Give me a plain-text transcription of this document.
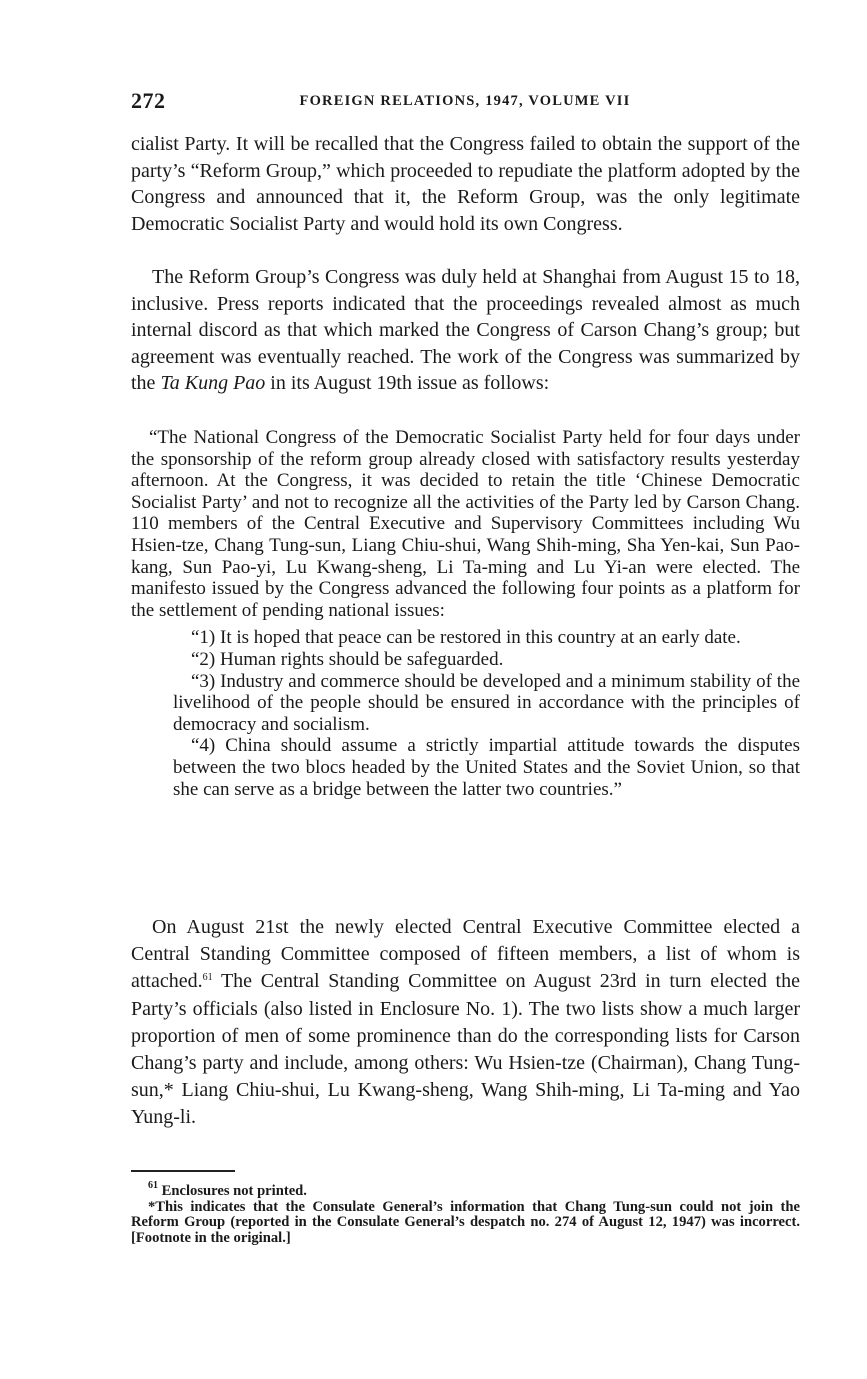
272	FOREIGN RELATIONS, 1947, VOLUME VII

cialist Party. It will be recalled that the Congress failed to obtain the support of the party’s “Reform Group,” which proceeded to repudiate the platform adopted by the Congress and announced that it, the Reform Group, was the only legitimate Democratic Socialist Party and would hold its own Congress.

The Reform Group’s Congress was duly held at Shanghai from August 15 to 18, inclusive. Press reports indicated that the proceedings revealed almost as much internal discord as that which marked the Congress of Carson Chang’s group; but agreement was eventually reached. The work of the Congress was summarized by the Ta Kung Pao in its August 19th issue as follows:

“The National Congress of the Democratic Socialist Party held for four days under the sponsorship of the reform group already closed with satisfactory results yesterday afternoon. At the Congress, it was decided to retain the title ‘Chinese Democratic Socialist Party’ and not to recognize all the activities of the Party led by Carson Chang. 110 members of the Central Executive and Supervisory Committees including Wu Hsien-tze, Chang Tung-sun, Liang Chiu-shui, Wang Shih-ming, Sha Yen-kai, Sun Pao-kang, Sun Pao-yi, Lu Kwang-sheng, Li Ta-ming and Lu Yi-an were elected. The manifesto issued by the Congress advanced the following four points as a platform for the settlement of pending national issues:

“1) It is hoped that peace can be restored in this country at an early date.

“2) Human rights should be safeguarded.

“3) Industry and commerce should be developed and a minimum stability of the livelihood of the people should be ensured in accordance with the principles of democracy and socialism.

“4) China should assume a strictly impartial attitude towards the disputes between the two blocs headed by the United States and the Soviet Union, so that she can serve as a bridge between the latter two countries.”

On August 21st the newly elected Central Executive Committee elected a Central Standing Committee composed of fifteen members, a list of whom is attached.$^{61}$ The Central Standing Committee on August 23rd in turn elected the Party’s officials (also listed in Enclosure No. 1). The two lists show a much larger proportion of men of some prominence than do the corresponding lists for Carson Chang’s party and include, among others: Wu Hsien-tze (Chairman), Chang Tung-sun,* Liang Chiu-shui, Lu Kwang-sheng, Wang Shih-ming, Li Ta-ming and Yao Yung-li.

$^{61}$ Enclosures not printed.

*This indicates that the Consulate General’s information that Chang Tung-sun could not join the Reform Group (reported in the Consulate General’s despatch no. 274 of August 12, 1947) was incorrect. [Footnote in the original.]
